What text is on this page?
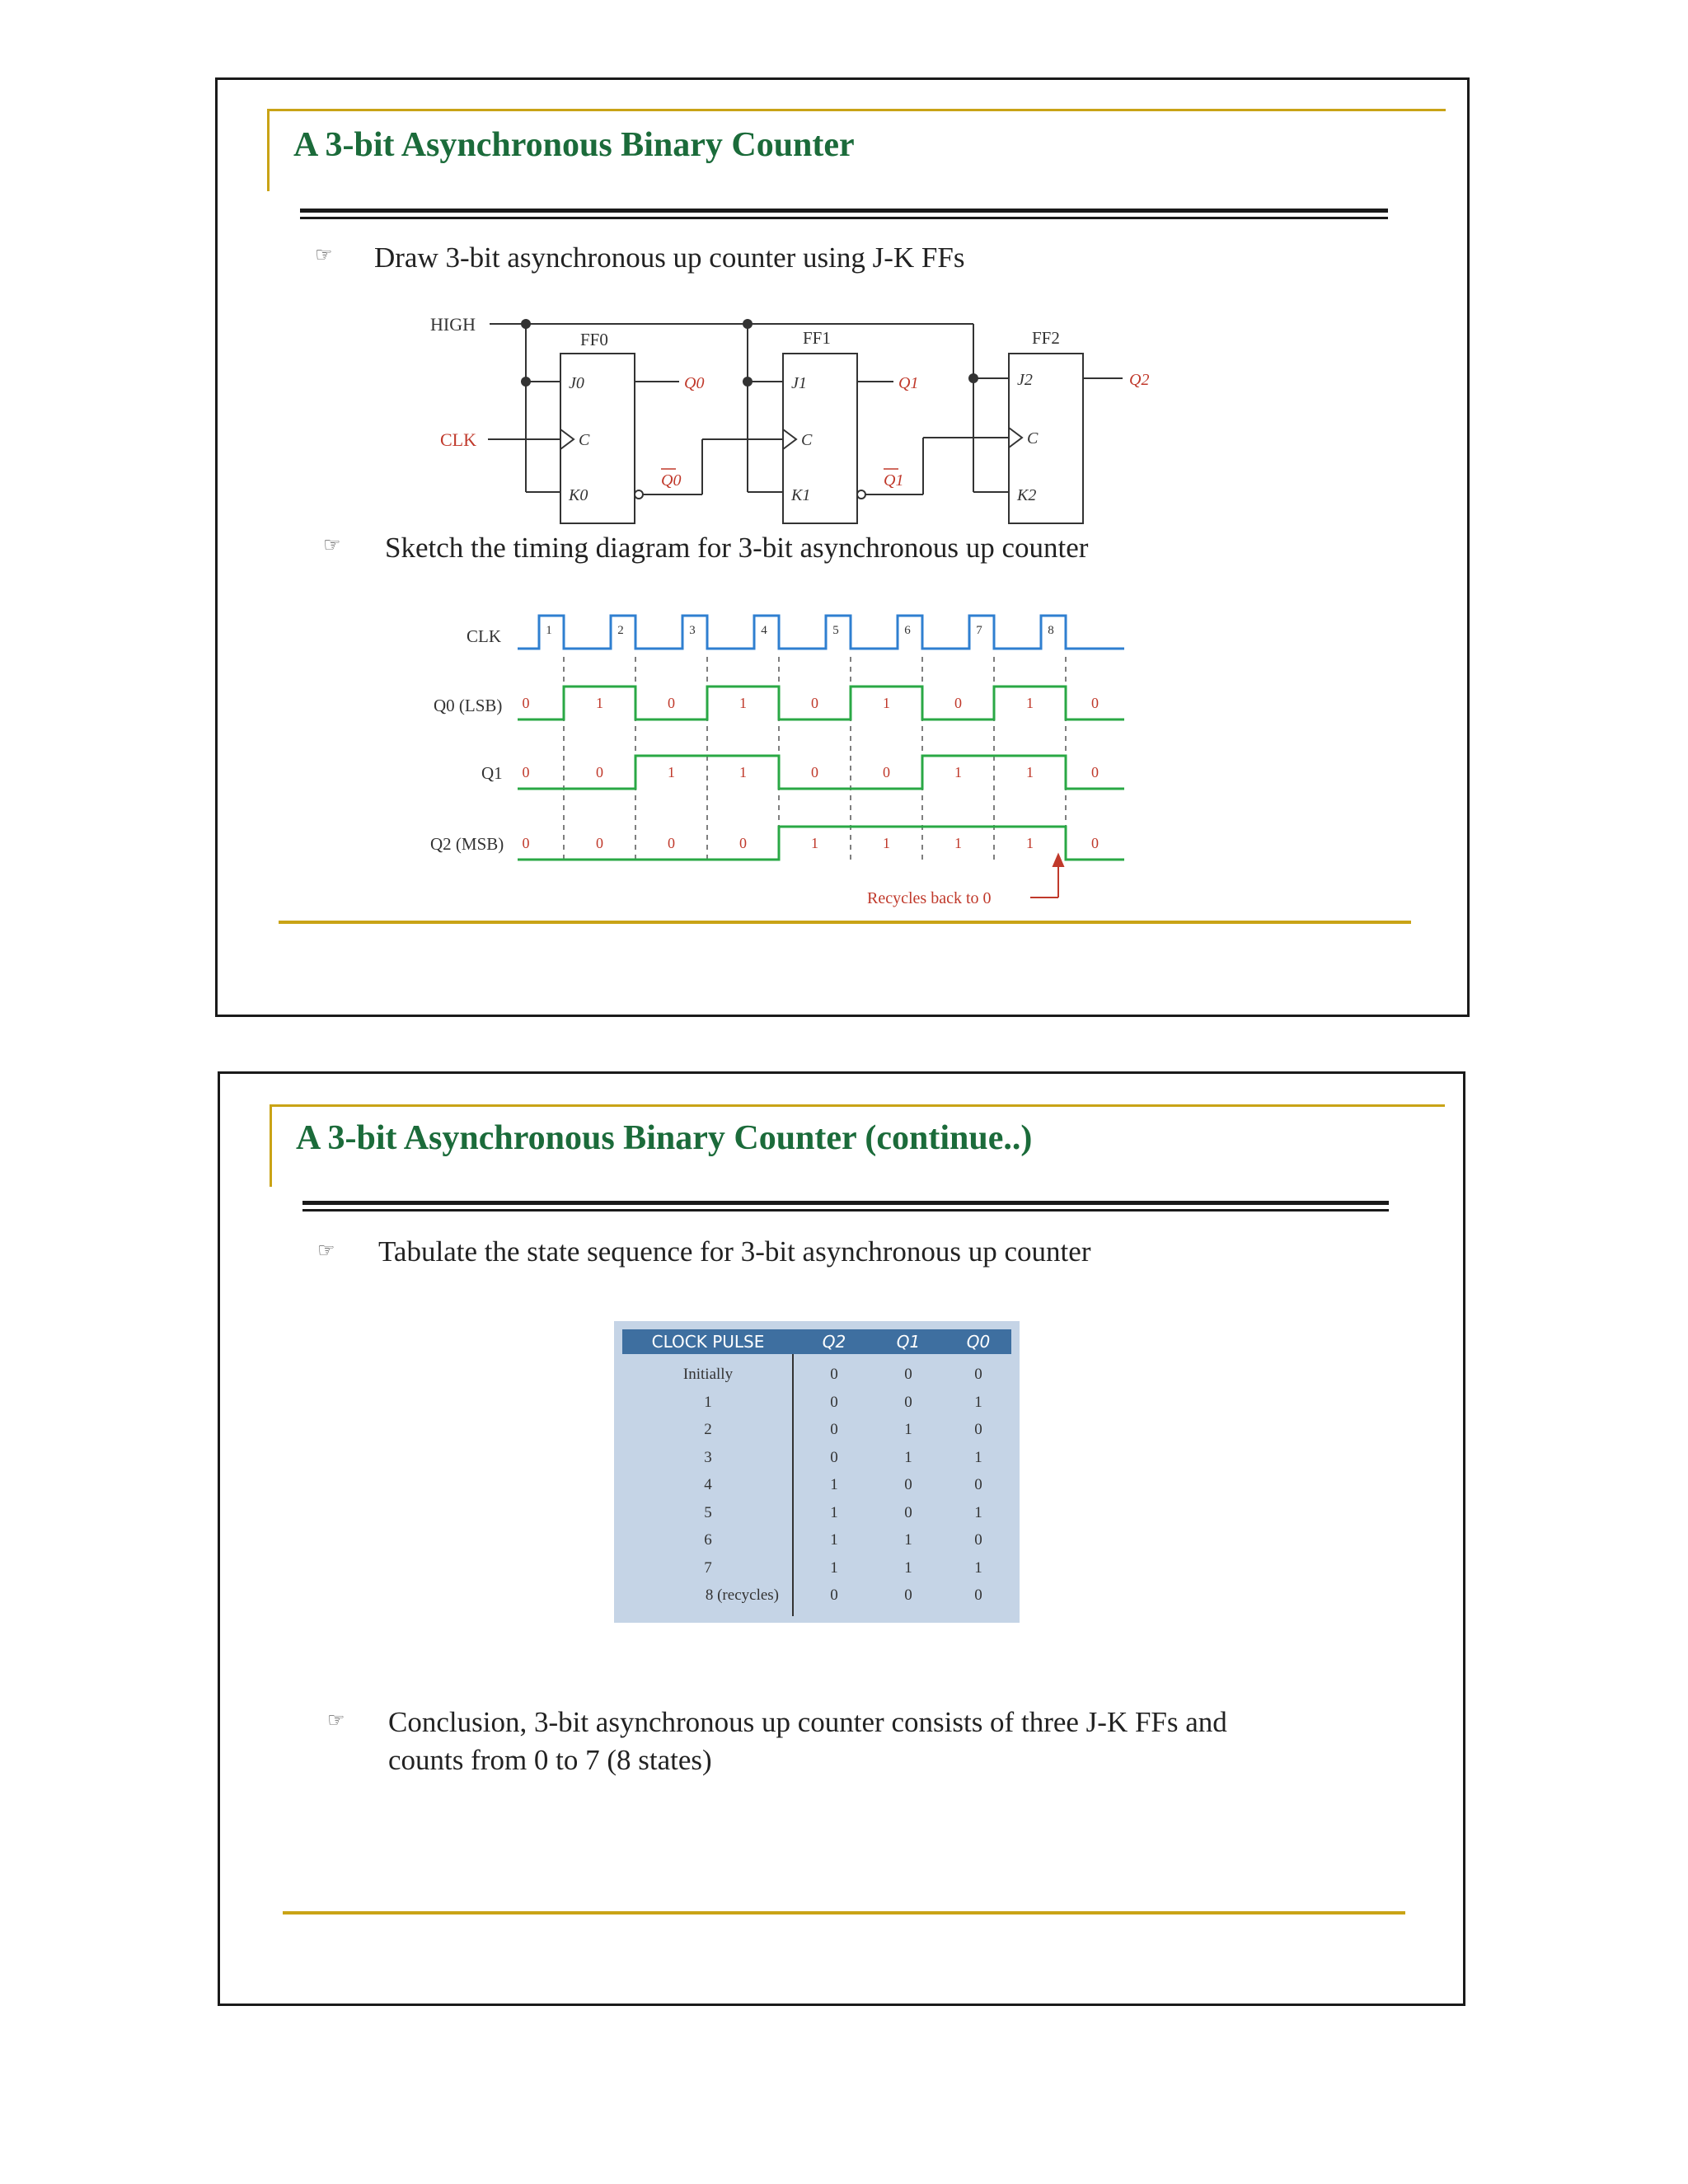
A 3-bit Asynchronous Binary Counter
☞ Draw 3-bit asynchronous up counter using J-K FFs
HIGH
CLK
FF0	FF1	FF2
J0	J1	J2
K0	K1	K2
C	C	C
Q0	Q1	Q2
Q0	Q1
☞ Sketch the timing diagram for 3-bit asynchronous up counter
1	2	3	4	5	6	7	8
0	1	0	1	0	1	0	1	0
0	0	1	1	0	0	1	1	0
0	0	0	0	1	1	1	1	0
CLK
Q0 (LSB)
Q1
Q2 (MSB)
Recycles back to 0
A 3-bit Asynchronous Binary Counter (continue..)
☞ Tabulate the state sequence for 3-bit asynchronous up counter
CLOCK PULSE	Q2	Q1	Q0
Initially	0	0	0
1	0	0	1
2	0	1	0
3	0	1	1
4	1	0	0
5	1	0	1
6	1	1	0
7	1	1	1
8 (recycles)	0	0	0
☞ Conclusion, 3-bit asynchronous up counter consists of three J-K FFs and counts from 0 to 7 (8 states)
